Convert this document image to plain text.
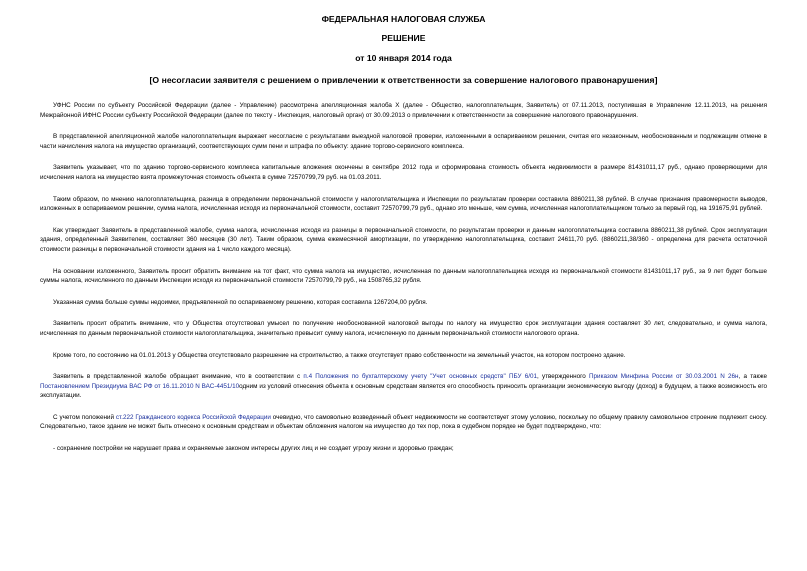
ФЕДЕРАЛЬНАЯ НАЛОГОВАЯ СЛУЖБА
РЕШЕНИЕ
от 10 января 2014 года
[О несогласии заявителя с решением о привлечении к ответственности за совершение налогового правонарушения]

УФНС России по субъекту Российской Федерации (далее - Управление) рассмотрена апелляционная жалоба Х (далее - Общество, налогоплательщик, Заявитель) от 07.11.2013, поступившая в Управление 12.11.2013, на решения Межрайонной ИФНС России субъекту Российской Федерации (далее по тексту - Инспекция, налоговый орган) от 30.09.2013 о привлечении к ответственности за совершение налогового правонарушения.

В представленной апелляционной жалобе налогоплательщик выражает несогласие с результатами выездной налоговой проверки, изложенными в оспариваемом решении, считая его незаконным, необоснованным и подлежащим отмене в части начисления налога на имущество организаций, соответствующих сумм пени и штрафа по объекту: здание торгово-сервисного комплекса.

Заявитель указывает, что по зданию торгово-сервисного комплекса капитальные вложения окончены в сентябре 2012 года и сформирована стоимость объекта недвижимости в размере 81431011,17 руб., однако проверяющими для исчисления налога на имущество взята промежуточная стоимость объекта в сумме 72570799,79 руб. на 01.03.2011.

Таким образом, по мнению налогоплательщика, разница в определении первоначальной стоимости у налогоплательщика и Инспекции по результатам проверки составила 8860211,38 рублей. В случае признания правомерности выводов, изложенных в оспариваемом решении, сумма налога, исчисленная исходя из первоначальной стоимости, составит 72570799,79 руб., однако это меньше, чем сумма, исчисленная налогоплательщиком только за первый год, на 191675,91 рублей.

Как утверждает Заявитель в представленной жалобе, сумма налога, исчисленная исходя из разницы в первоначальной стоимости, по результатам проверки и данным налогоплательщика составила 8860211,38 рублей. Срок эксплуатации здания, определенный Заявителем, составляет 360 месяцев (30 лет). Таким образом, сумма ежемесячной амортизации, по утверждению налогоплательщика, составит 24611,70 руб. (8860211,38/360 - определена для расчета остаточной стоимости разницы в первоначальной стоимости здания на 1 число каждого месяца).

На основании изложенного, Заявитель просит обратить внимание на тот факт, что сумма налога на имущество, исчисленная по данным налогоплательщика исходя из первоначальной стоимости 81431011,17 руб., за 9 лет будет больше суммы налога, исчисленного по данным Инспекции исходя из первоначальной стоимости 72570799,79 руб., на 1508765,32 рубля.

Указанная сумма больше суммы недоимки, предъявленной по оспариваемому решению, которая составила 1267204,00 рубля.

Заявитель просит обратить внимание, что у Общества отсутствовал умысел по получение необоснованной налоговой выгоды по налогу на имущество срок эксплуатации здания составляет 30 лет, следовательно, и сумма налога, исчисленная по данным первоначальной стоимости налогоплательщика, значительно превысит сумму налога, исчисленную по данным первоначальной стоимости налогового органа.

Кроме того, по состоянию на 01.01.2013 у Общества отсутствовало разрешение на строительство, а также отсутствует право собственности на земельный участок, на котором построено здание.

Заявитель в представленной жалобе обращает внимание, что в соответствии с п.4 Положения по бухгалтерскому учету "Учет основных средств" ПБУ 6/01, утвержденного Приказом Минфина России от 30.03.2001 N 26н, а также Постановлением Президиума ВАС РФ от 16.11.2010 N ВАС-4451/10одним из условий отнесения объекта к основным средствам является его способность приносить организации экономическую выгоду (доход) в будущем, а также возможность его эксплуатации.

С учетом положений ст.222 Гражданского кодекса Российской Федерации очевидно, что самовольно возведенный объект недвижимости не соответствует этому условию, поскольку по общему правилу самовольное строение подлежит сносу. Следовательно, такое здание не может быть отнесено к основным средствам и объектам обложения налогом на имущество до тех пор, пока в судебном порядке не будет подтверждено, что:

- сохранение постройки не нарушает права и охраняемые законом интересы других лиц и не создает угрозу жизни и здоровью граждан;
